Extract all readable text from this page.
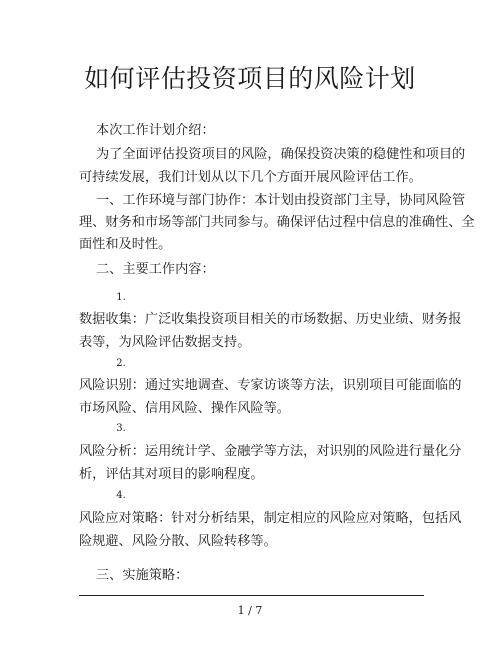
如何评估投资项目的风险计划
本次工作计划介绍：
为了全面评估投资项目的风险，确保投资决策的稳健性和项目的
可持续发展，我们计划从以下几个方面开展风险评估工作。
一、工作环境与部门协作：本计划由投资部门主导，协同风险管
理、财务和市场等部门共同参与。确保评估过程中信息的准确性、全
面性和及时性。
二、主要工作内容：
1.
数据收集：广泛收集投资项目相关的市场数据、历史业绩、财务报
表等，为风险评估数据支持。
2.
风险识别：通过实地调查、专家访谈等方法，识别项目可能面临的
市场风险、信用风险、操作风险等。
3.
风险分析：运用统计学、金融学等方法，对识别的风险进行量化分
析，评估其对项目的影响程度。
4.
风险应对策略：针对分析结果，制定相应的风险应对策略，包括风
险规避、风险分散、风险转移等。
三、实施策略：
1 / 7
